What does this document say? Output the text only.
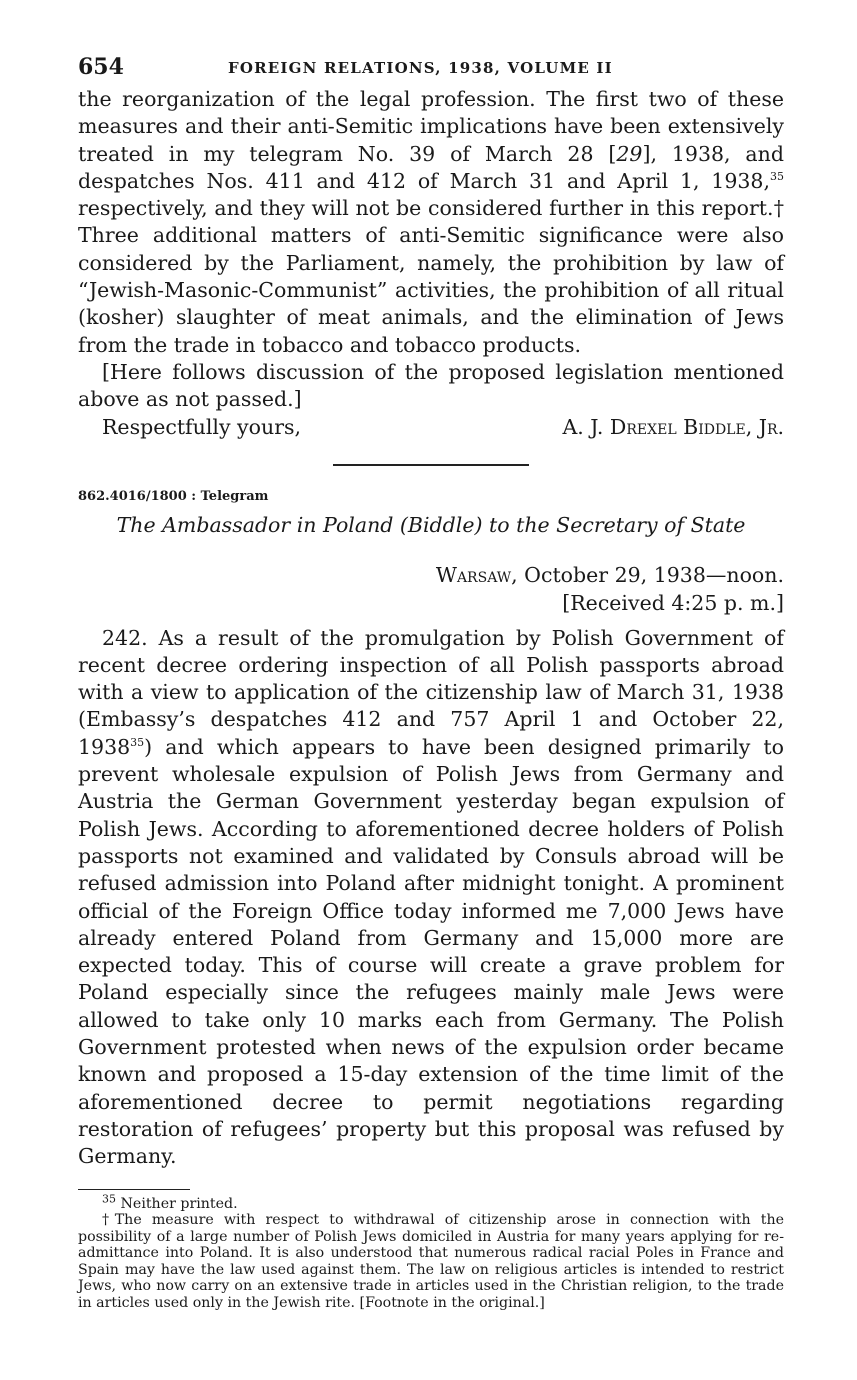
654	FOREIGN RELATIONS, 1938, VOLUME II

the reorganization of the legal profession. The first two of these measures and their anti-Semitic implications have been extensively treated in my telegram No. 39 of March 28 [29], 1938, and despatches Nos. 411 and 412 of March 31 and April 1, 1938,35 respectively, and they will not be considered further in this report.† Three additional matters of anti-Semitic significance were also considered by the Parliament, namely, the prohibition by law of “Jewish-Masonic-Communist” activities, the prohibition of all ritual (kosher) slaughter of meat animals, and the elimination of Jews from the trade in tobacco and tobacco products.

[Here follows discussion of the proposed legislation mentioned above as not passed.]

Respectfully yours,	A. J. Drexel Biddle, Jr.
862.4016/1800 : Telegram
The Ambassador in Poland (Biddle) to the Secretary of State
Warsaw, October 29, 1938—noon.
[Received 4:25 p. m.]

242. As a result of the promulgation by Polish Government of recent decree ordering inspection of all Polish passports abroad with a view to application of the citizenship law of March 31, 1938 (Embassy’s despatches 412 and 757 April 1 and October 22, 1938$^{35}$) and which appears to have been designed primarily to prevent wholesale expulsion of Polish Jews from Germany and Austria the German Government yesterday began expulsion of Polish Jews. According to aforementioned decree holders of Polish passports not examined and validated by Consuls abroad will be refused admission into Poland after midnight tonight. A prominent official of the Foreign Office today informed me 7,000 Jews have already entered Poland from Germany and 15,000 more are expected today. This of course will create a grave problem for Poland especially since the refugees mainly male Jews were allowed to take only 10 marks each from Germany. The Polish Government protested when news of the expulsion order became known and proposed a 15-day extension of the time limit of the aforementioned decree to permit negotiations regarding restoration of refugees’ property but this proposal was refused by Germany.

$^{35}$ Neither printed.

†The measure with respect to withdrawal of citizenship arose in connection with the possibility of a large number of Polish Jews domiciled in Austria for many years applying for re-admittance into Poland. It is also understood that numerous radical racial Poles in France and Spain may have the law used against them. The law on religious articles is intended to restrict Jews, who now carry on an extensive trade in articles used in the Christian religion, to the trade in articles used only in the Jewish rite. [Footnote in the original.]
